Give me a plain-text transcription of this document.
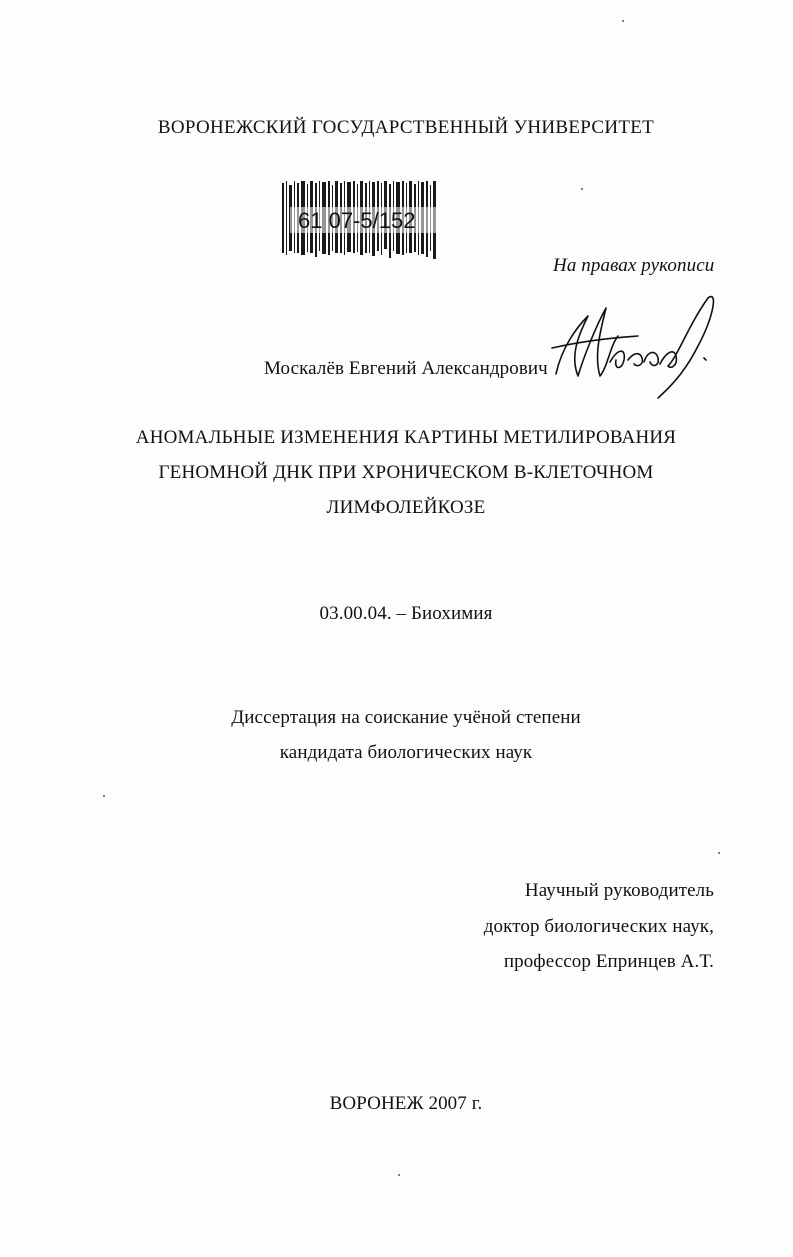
ВОРОНЕЖСКИЙ ГОСУДАРСТВЕННЫЙ УНИВЕРСИТЕТ
61 07-5/152
На правах рукописи
Москалёв Евгений Александрович
АНОМАЛЬНЫЕ ИЗМЕНЕНИЯ КАРТИНЫ МЕТИЛИРОВАНИЯ
ГЕНОМНОЙ ДНК ПРИ ХРОНИЧЕСКОМ В-КЛЕТОЧНОМ
ЛИМФОЛЕЙКОЗЕ
03.00.04. – Биохимия
Диссертация на соискание учёной степени
кандидата биологических наук
Научный руководитель
доктор биологических наук,
профессор Епринцев А.Т.
ВОРОНЕЖ 2007 г.
